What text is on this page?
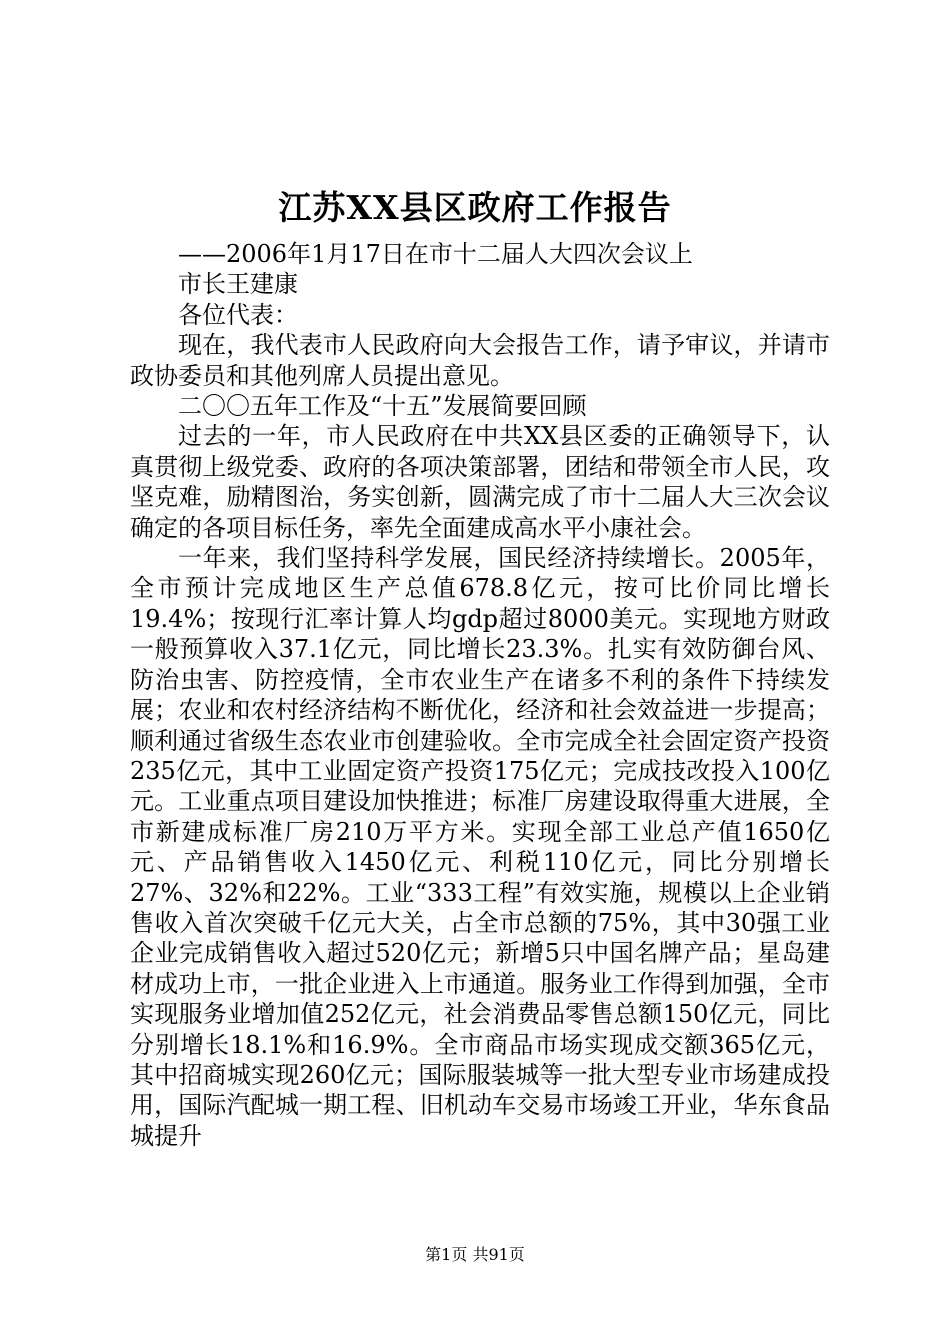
江苏XX县区政府工作报告

——2006年1月17日在市十二届人大四次会议上

市长王建康

各位代表：

现在，我代表市人民政府向大会报告工作，请予审议，并请市政协委员和其他列席人员提出意见。

二〇〇五年工作及“十五”发展简要回顾

过去的一年，市人民政府在中共XX县区委的正确领导下，认真贯彻上级党委、政府的各项决策部署，团结和带领全市人民，攻坚克难，励精图治，务实创新，圆满完成了市十二届人大三次会议确定的各项目标任务，率先全面建成高水平小康社会。

一年来，我们坚持科学发展，国民经济持续增长。2005年，全市预计完成地区生产总值678.8亿元，按可比价同比增长19.4%；按现行汇率计算人均gdp超过8000美元。实现地方财政一般预算收入37.1亿元，同比增长23.3%。扎实有效防御台风、防治虫害、防控疫情，全市农业生产在诸多不利的条件下持续发展；农业和农村经济结构不断优化，经济和社会效益进一步提高；顺利通过省级生态农业市创建验收。全市完成全社会固定资产投资235亿元，其中工业固定资产投资175亿元；完成技改投入100亿元。工业重点项目建设加快推进；标准厂房建设取得重大进展，全市新建成标准厂房210万平方米。实现全部工业总产值1650亿元、产品销售收入1450亿元、利税110亿元，同比分别增长27%、32%和22%。工业“333工程”有效实施，规模以上企业销售收入首次突破千亿元大关，占全市总额的75%，其中30强工业企业完成销售收入超过520亿元；新增5只中国名牌产品；星岛建材成功上市，一批企业进入上市通道。服务业工作得到加强，全市实现服务业增加值252亿元，社会消费品零售总额150亿元，同比分别增长18.1%和16.9%。全市商品市场实现成交额365亿元，其中招商城实现260亿元；国际服装城等一批大型专业市场建成投用，国际汽配城一期工程、旧机动车交易市场竣工开业，华东食品城提升

第1页 共91页
